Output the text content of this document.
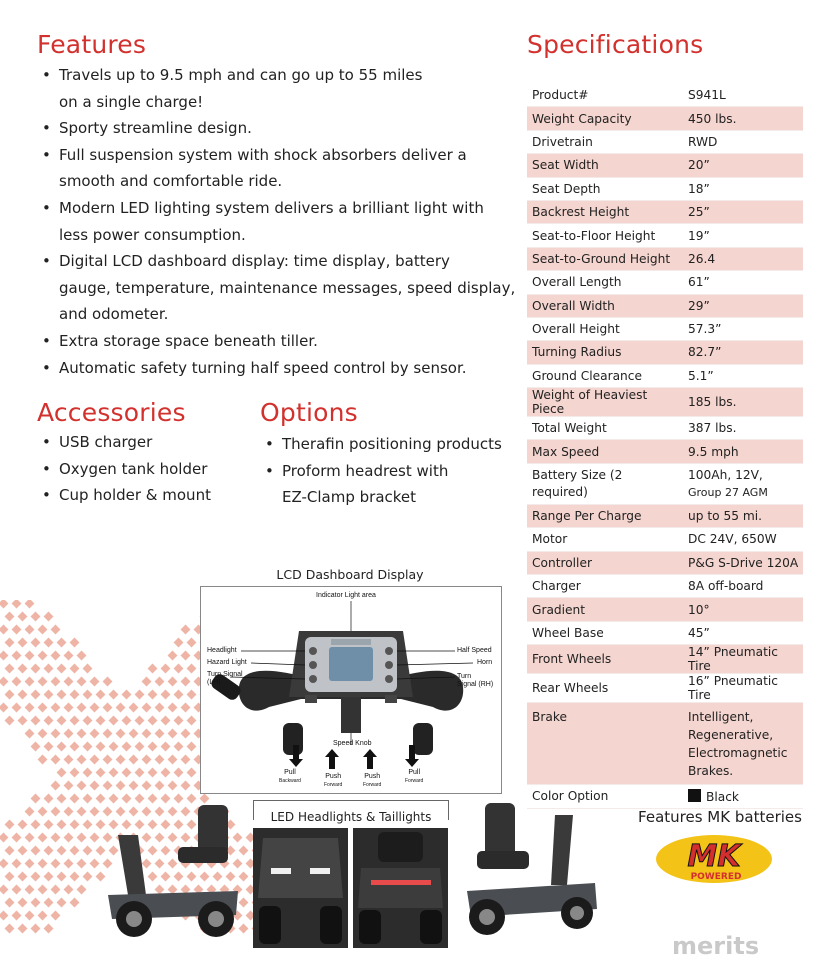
Features
• Travels up to 9.5 mph and can go up to 55 miles
on a single charge!
• Sporty streamline design.
• Full suspension system with shock absorbers deliver a
smooth and comfortable ride.
• Modern LED lighting system delivers a brilliant light with
less power consumption.
• Digital LCD dashboard display: time display, battery
gauge, temperature, maintenance messages, speed display,
and odometer.
• Extra storage space beneath tiller.
• Automatic safety turning half speed control by sensor.
Accessories
• USB charger
• Oxygen tank holder
• Cup holder & mount
Options
• Therafin positioning products
• Proform headrest with
EZ-Clamp bracket
Specifications
Product#	S941L
Weight Capacity	450 lbs.
Drivetrain	RWD
Seat Width	20”
Seat Depth	18”
Backrest Height	25”
Seat-to-Floor Height	19”
Seat-to-Ground Height	26.4
Overall Length	61”
Overall Width	29”
Overall Height	57.3”
Turning Radius	82.7”
Ground Clearance	5.1”
Weight of Heaviest Piece	185 lbs.
Total Weight	387 lbs.
Max Speed	9.5 mph
Battery Size (2 required)	100Ah, 12V,
Group 27 AGM

Range Per Charge	up to 55 mi.
Motor	DC 24V, 650W
Controller	P&G S-Drive 120A
Charger	8A off-board
Gradient	10°
Wheel Base	45”
Front Wheels	14” Pneumatic Tire
Rear Wheels	16” Pneumatic Tire
Brake	Intelligent,
Regenerative,
Electromagnetic
Brakes.

Color Option	Black
LCD Dashboard Display
Indicator Light area
Headlight
Hazard Light
Turn Signal
(LH)
Half Speed
Horn
Turn
Signal (RH)
Speed Knob
Pull
Backward
Push
Forward
Push
Forward
Pull
Forward
LED Headlights & Taillights	Features MK batteries
MK
POWERED
merits
